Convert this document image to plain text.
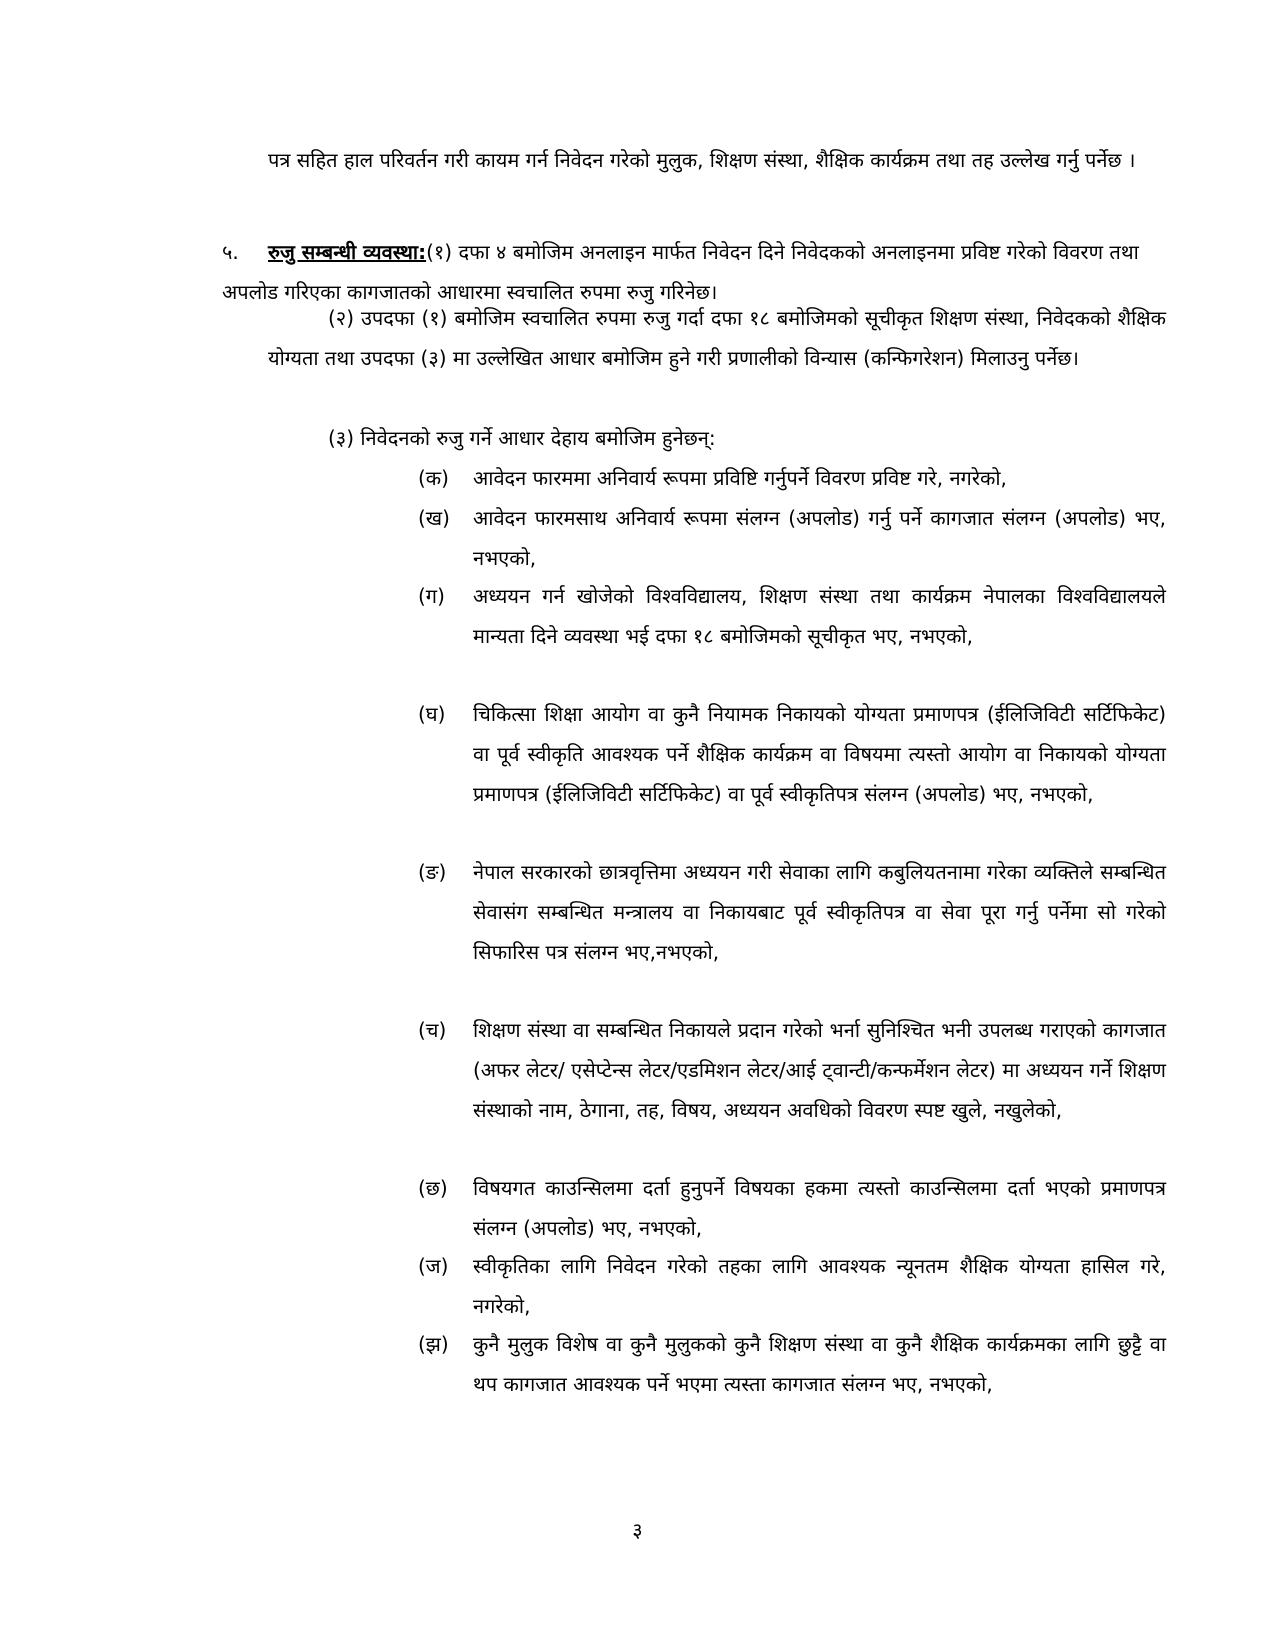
पत्र सहित हाल परिवर्तन गरी कायम गर्न निवेदन गरेको मुलुक, शिक्षण संस्था, शैक्षिक कार्यक्रम तथा तह उल्लेख गर्नु पर्नेछ ।
५. रुजु सम्बन्धी व्यवस्था:(१) दफा ४ बमोजिम अनलाइन मार्फत निवेदन दिने निवेदकको अनलाइनमा प्रविष्ट गरेको विवरण तथा अपलोड गरिएका कागजातको आधारमा स्वचालित रुपमा रुजु गरिनेछ।
(२) उपदफा (१) बमोजिम स्वचालित रुपमा रुजु गर्दा दफा १८ बमोजिमको सूचीकृत शिक्षण संस्था, निवेदकको शैक्षिक योग्यता तथा उपदफा (३) मा उल्लेखित आधार बमोजिम हुने गरी प्रणालीको विन्यास (कन्फिगरेशन) मिलाउनु पर्नेछ।
(३) निवेदनको रुजु गर्ने आधार देहाय बमोजिम हुनेछन्:
(क) आवेदन फारममा अनिवार्य रूपमा प्रविष्टि गर्नुपर्ने विवरण प्रविष्ट गरे, नगरेको,
(ख) आवेदन फारमसाथ अनिवार्य रूपमा संलग्न (अपलोड) गर्नु पर्ने कागजात संलग्न (अपलोड) भए, नभएको,
(ग) अध्ययन गर्न खोजेको विश्वविद्यालय, शिक्षण संस्था तथा कार्यक्रम नेपालका विश्वविद्यालयले मान्यता दिने व्यवस्था भई दफा १८ बमोजिमको सूचीकृत भए, नभएको,
(घ) चिकित्सा शिक्षा आयोग वा कुनै नियामक निकायको योग्यता प्रमाणपत्र (ईलिजिविटी सर्टिफिकेट) वा पूर्व स्वीकृति आवश्यक पर्ने शैक्षिक कार्यक्रम वा विषयमा त्यस्तो आयोग वा निकायको योग्यता प्रमाणपत्र (ईलिजिविटी सर्टिफिकेट) वा पूर्व स्वीकृतिपत्र संलग्न (अपलोड) भए, नभएको,
(ङ) नेपाल सरकारको छात्रवृत्तिमा अध्ययन गरी सेवाका लागि कबुलियतनामा गरेका व्यक्तिले सम्बन्धित सेवासंग सम्बन्धित मन्त्रालय वा निकायबाट पूर्व स्वीकृतिपत्र वा सेवा पूरा गर्नु पर्नेमा सो गरेको सिफारिस पत्र संलग्न भए,नभएको,
(च) शिक्षण संस्था वा सम्बन्धित निकायले प्रदान गरेको भर्ना सुनिश्चित भनी उपलब्ध गराएको कागजात (अफर लेटर/ एसेप्टेन्स लेटर/एडमिशन लेटर/आई ट्वान्टी/कन्फर्मेशन लेटर) मा अध्ययन गर्ने शिक्षण संस्थाको नाम, ठेगाना, तह, विषय, अध्ययन अवधिको विवरण स्पष्ट खुले, नखुलेको,
(छ) विषयगत काउन्सिलमा दर्ता हुनुपर्ने विषयका हकमा त्यस्तो काउन्सिलमा दर्ता भएको प्रमाणपत्र संलग्न (अपलोड) भए, नभएको,
(ज) स्वीकृतिका लागि निवेदन गरेको तहका लागि आवश्यक न्यूनतम शैक्षिक योग्यता हासिल गरे, नगरेको,
(झ) कुनै मुलुक विशेष वा कुनै मुलुकको कुनै शिक्षण संस्था वा कुनै शैक्षिक कार्यक्रमका लागि छुट्टै वा थप कागजात आवश्यक पर्ने भएमा त्यस्ता कागजात संलग्न भए, नभएको,
३
